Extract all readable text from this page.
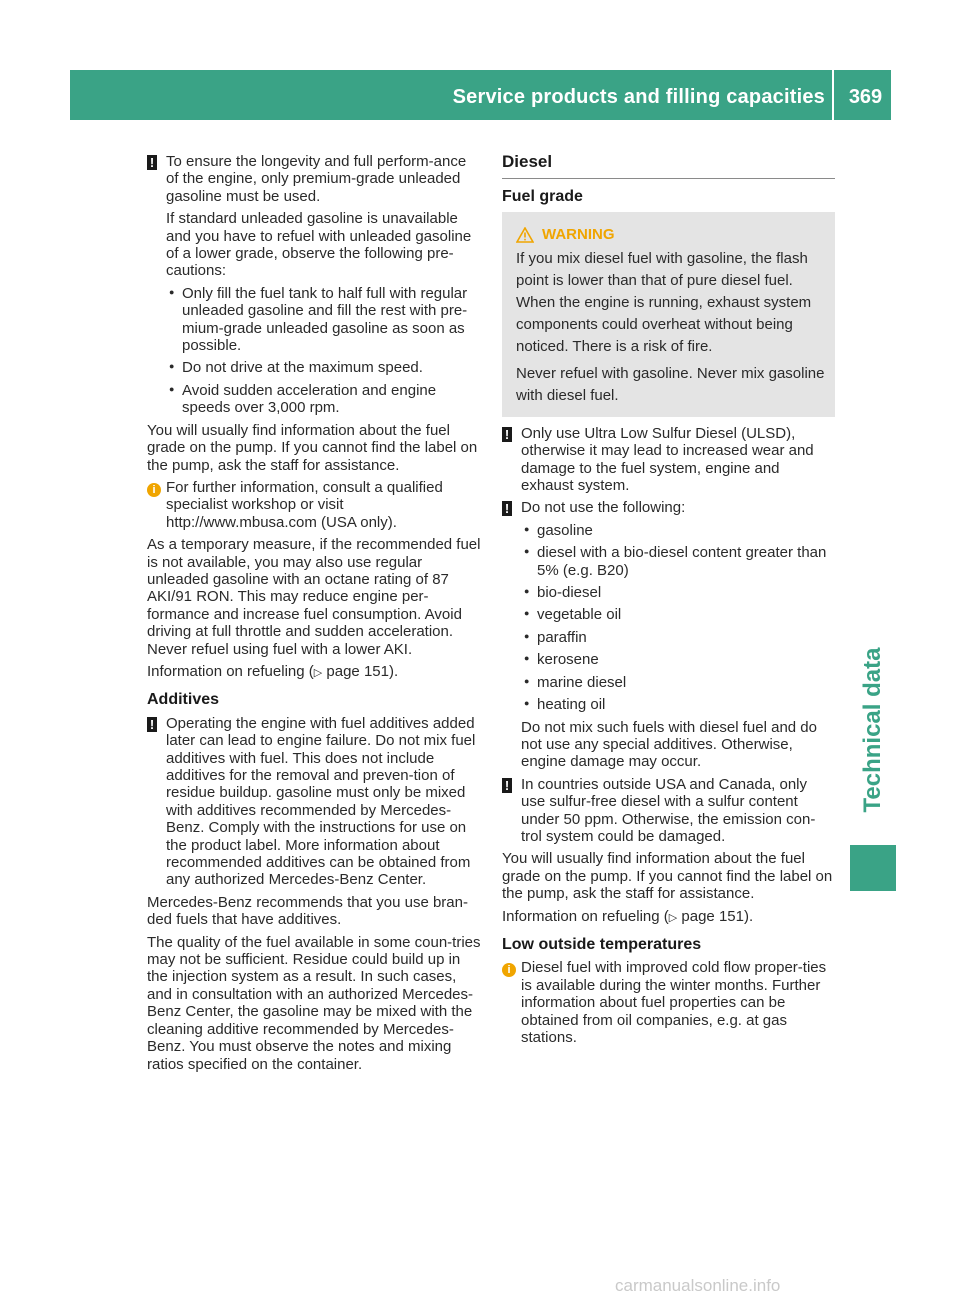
Service products and filling capacities	369
Technical data
! To ensure the longevity and full perform-ance of the engine, only premium-grade unleaded gasoline must be used.

If standard unleaded gasoline is unavailable and you have to refuel with unleaded gasoline of a lower grade, observe the following pre-cautions:

● Only fill the fuel tank to half full with regular unleaded gasoline and fill the rest with pre-mium-grade unleaded gasoline as soon as possible.
● Do not drive at the maximum speed.
● Avoid sudden acceleration and engine speeds over 3,000 rpm.

You will usually find information about the fuel grade on the pump. If you cannot find the label on the pump, ask the staff for assistance.

i For further information, consult a qualified specialist workshop or visit http://www.mbusa.com (USA only).

As a temporary measure, if the recommended fuel is not available, you may also use regular unleaded gasoline with an octane rating of 87 AKI/91 RON. This may reduce engine per-formance and increase fuel consumption. Avoid driving at full throttle and sudden acceleration. Never refuel using fuel with a lower AKI.

Information on refueling (▷ page 151).

Additives
! Operating the engine with fuel additives added later can lead to engine failure. Do not mix fuel additives with fuel. This does not include additives for the removal and preven-tion of residue buildup. gasoline must only be mixed with additives recommended by Mercedes-Benz. Comply with the instructions for use on the product label. More information about recommended additives can be obtained from any authorized Mercedes-Benz Center.

Mercedes-Benz recommends that you use bran-ded fuels that have additives.

The quality of the fuel available in some coun-tries may not be sufficient. Residue could build up in the injection system as a result. In such cases, and in consultation with an authorized Mercedes-Benz Center, the gasoline may be mixed with the cleaning additive recommended by Mercedes-Benz. You must observe the notes and mixing ratios specified on the container.

Diesel
Fuel grade
WARNING

If you mix diesel fuel with gasoline, the flash point is lower than that of pure diesel fuel. When the engine is running, exhaust system components could overheat without being noticed. There is a risk of fire.

Never refuel with gasoline. Never mix gasoline with diesel fuel.

! Only use Ultra Low Sulfur Diesel (ULSD), otherwise it may lead to increased wear and damage to the fuel system, engine and exhaust system.

! Do not use the following:

● gasoline
● diesel with a bio-diesel content greater than 5% (e.g. B20)
● bio-diesel
● vegetable oil
● paraffin
● kerosene
● marine diesel
● heating oil

Do not mix such fuels with diesel fuel and do not use any special additives. Otherwise, engine damage may occur.

! In countries outside USA and Canada, only use sulfur-free diesel with a sulfur content under 50 ppm. Otherwise, the emission con-trol system could be damaged.

You will usually find information about the fuel grade on the pump. If you cannot find the label on the pump, ask the staff for assistance.

Information on refueling (▷ page 151).

Low outside temperatures
i Diesel fuel with improved cold flow proper-ties is available during the winter months. Further information about fuel properties can be obtained from oil companies, e.g. at gas stations.

carmanualsonline.info
